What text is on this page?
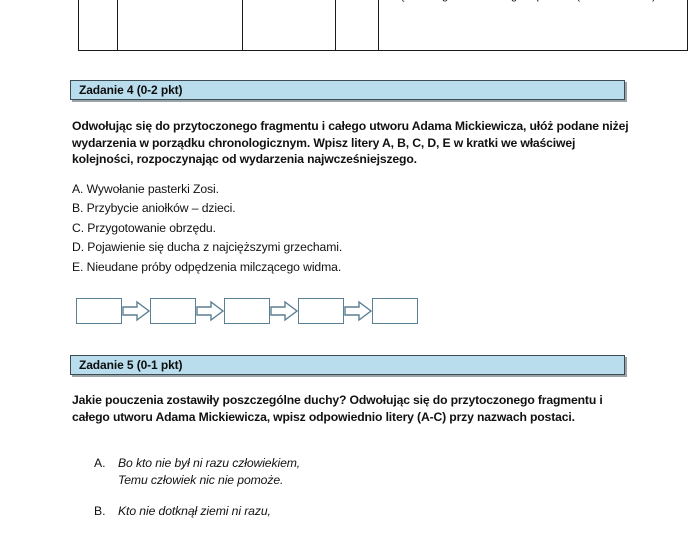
Zadanie 4 (0-2 pkt)
Odwołując się do przytoczonego fragmentu i całego utworu Adama Mickiewicza, ułóż podane niżej wydarzenia w porządku chronologicznym. Wpisz litery A, B, C, D, E w kratki we właściwej kolejności, rozpoczynając od wydarzenia najwcześniejszego.
A. Wywołanie pasterki Zosi.
B. Przybycie aniołków – dzieci.
C. Przygotowanie obrzędu.
D. Pojawienie się ducha z najcięższymi grzechami.
E. Nieudane próby odpędzenia milczącego widma.
Zadanie 5 (0-1 pkt)
Jakie pouczenia zostawiły poszczególne duchy? Odwołując się do przytoczonego fragmentu i całego utworu Adama Mickiewicza, wpisz odpowiednio litery (A-C) przy nazwach postaci.
A. Bo kto nie był ni razu człowiekiem,
Temu człowiek nic nie pomoże.
B. Kto nie dotknął ziemi ni razu,
